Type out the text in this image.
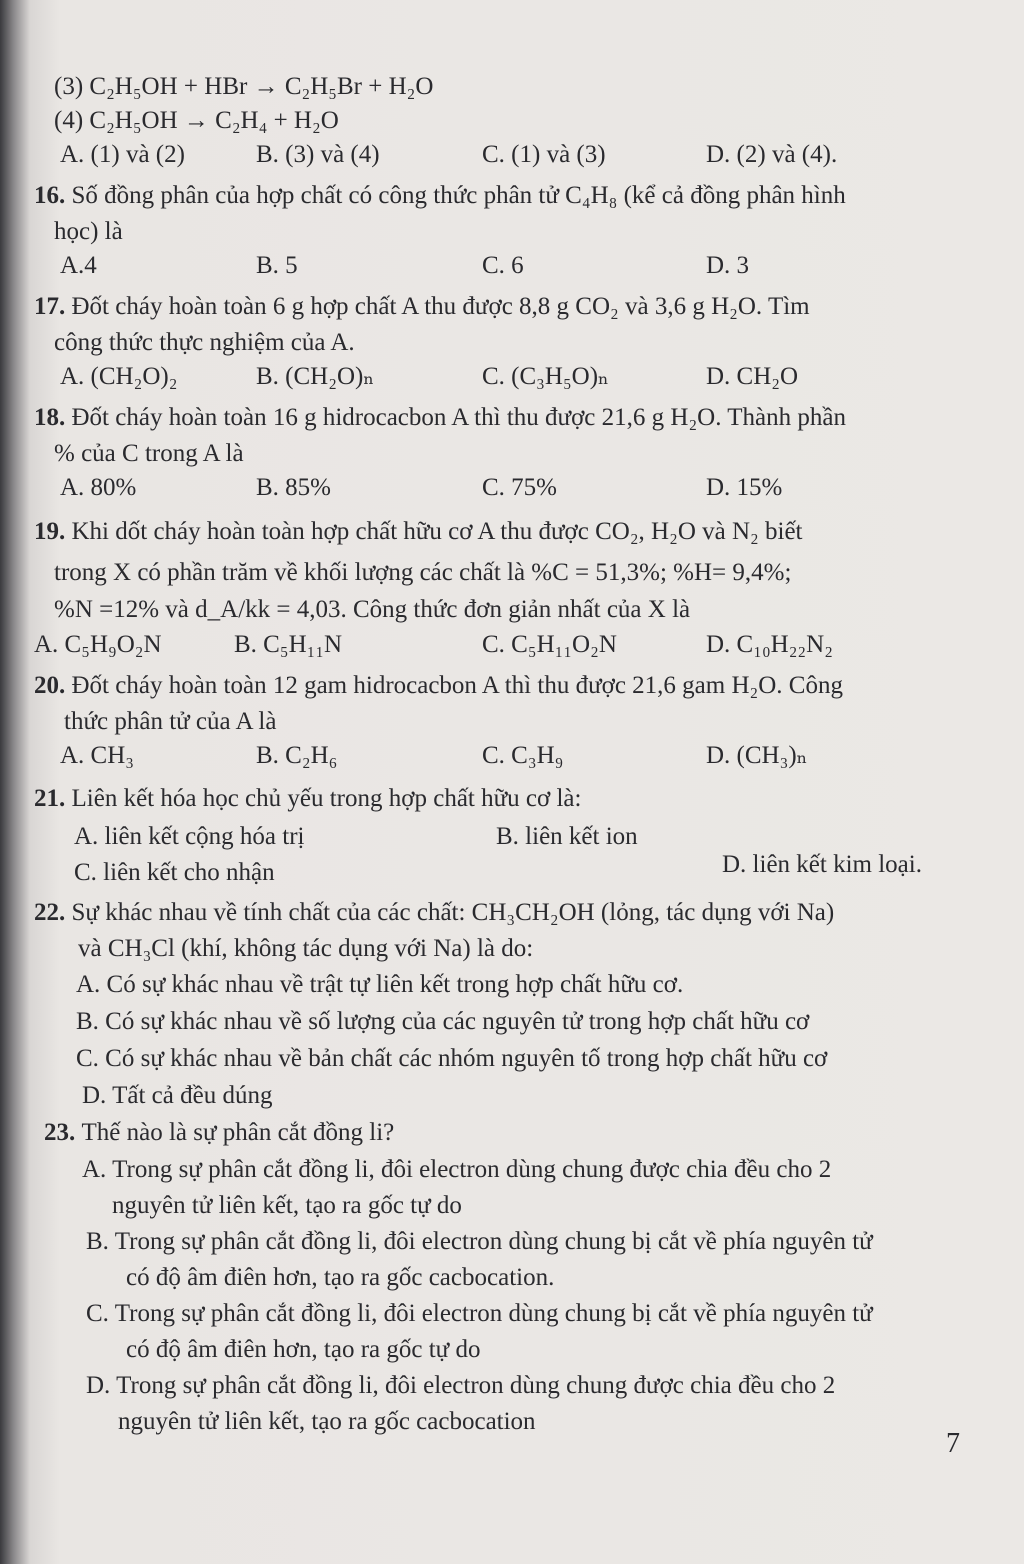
(3) C₂H₅OH + HBr → C₂H₅Br + H₂O
(4) C₂H₅OH → C₂H₄ + H₂O
A. (1) và (2)	B. (3) và (4)	C. (1) và (3)	D. (2) và (4).
16.
Số đồng phân của hợp chất có công thức phân tử C₄H₈ (kể cả đồng phân hình
học) là
A.4	B. 5	C. 6	D. 3
17.
Đốt cháy hoàn toàn 6 g hợp chất A thu được 8,8 g CO₂ và 3,6 g H₂O. Tìm
công thức thực nghiệm của A.
A. (CH₂O)₂	B. (CH₂O)ₙ	C. (C₃H₅O)ₙ	D. CH₂O
18.
Đốt cháy hoàn toàn 16 g hidrocacbon A thì thu được 21,6 g H₂O. Thành phần
% của C trong A là
A. 80%	B. 85%	C. 75%	D. 15%
19.
Khi dốt cháy hoàn toàn hợp chất hữu cơ A thu được CO₂, H₂O và N₂ biết
trong X có phần trăm về khối lượng các chất là %C = 51,3%; %H= 9,4%;
%N =12% và d_A/kk = 4,03. Công thức đơn giản nhất của X là
A. C₅H₉O₂N	B. C₅H₁₁N	C. C₅H₁₁O₂N	D. C₁₀H₂₂N₂
20.
Đốt cháy hoàn toàn 12 gam hidrocacbon A thì thu được 21,6 gam H₂O. Công
thức phân tử của A là
A. CH₃	B. C₂H₆	C. C₃H₉	D. (CH₃)ₙ
21.
Liên kết hóa học chủ yếu trong hợp chất hữu cơ là:
A. liên kết cộng hóa trị	B. liên kết ion
C. liên kết cho nhận	D. liên kết kim loại.
22.
Sự khác nhau về tính chất của các chất: CH₃CH₂OH (lỏng, tác dụng với Na)
và CH₃Cl (khí, không tác dụng với Na) là do:
A. Có sự khác nhau về trật tự liên kết trong hợp chất hữu cơ.
B. Có sự khác nhau về số lượng của các nguyên tử trong hợp chất hữu cơ
C. Có sự khác nhau về bản chất các nhóm nguyên tố trong hợp chất hữu cơ
D. Tất cả đều dúng
23.
Thế nào là sự phân cắt đồng li?
A. Trong sự phân cắt đồng li, đôi electron dùng chung được chia đều cho 2
nguyên tử liên kết, tạo ra gốc tự do
B. Trong sự phân cắt đồng li, đôi electron dùng chung bị cắt về phía nguyên tử
có độ âm điên hơn, tạo ra gốc cacbocation.
C. Trong sự phân cắt đồng li, đôi electron dùng chung bị cắt về phía nguyên tử
có độ âm điên hơn, tạo ra gốc tự do
D. Trong sự phân cắt đồng li, đôi electron dùng chung được chia đều cho 2
nguyên tử liên kết, tạo ra gốc cacbocation
7
